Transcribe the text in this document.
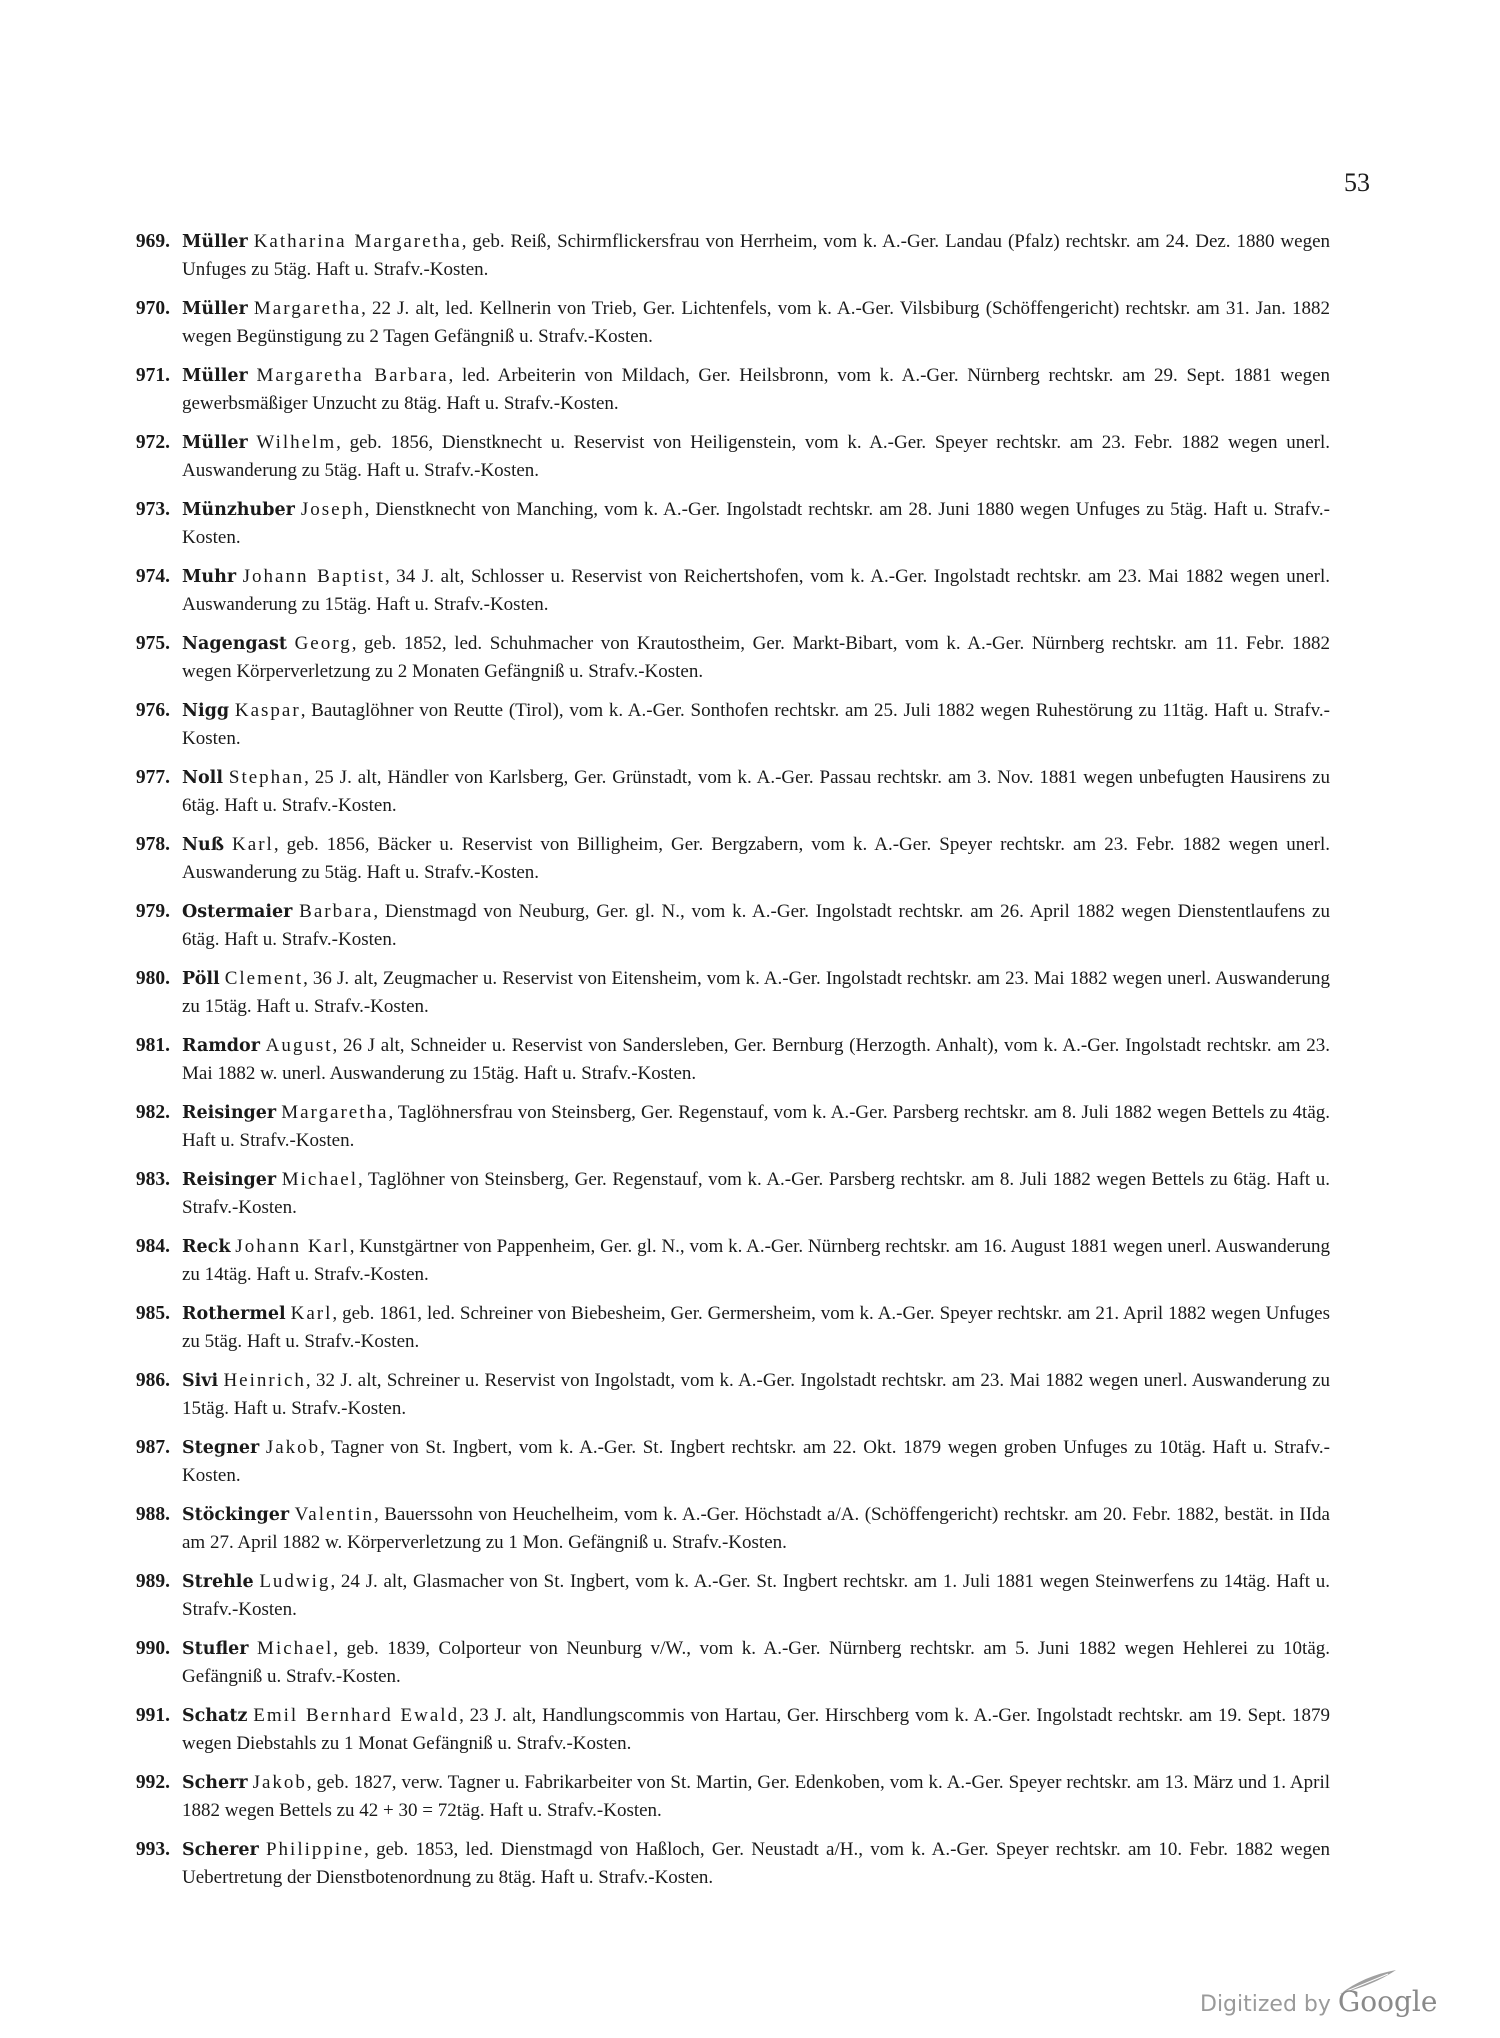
53
969. Müller Katharina Margaretha, geb. Reiß, Schirmflickersfrau von Herrheim, vom k. A.-Ger. Landau (Pfalz) rechtskr. am 24. Dez. 1880 wegen Unfuges zu 5täg. Haft u. Strafv.-Kosten.
970. Müller Margaretha, 22 J. alt, led. Kellnerin von Trieb, Ger. Lichtenfels, vom k. A.-Ger. Vilsbiburg (Schöffengericht) rechtskr. am 31. Jan. 1882 wegen Begünstigung zu 2 Tagen Gefängniß u. Strafv.-Kosten.
971. Müller Margaretha Barbara, led. Arbeiterin von Mildach, Ger. Heilsbronn, vom k. A.-Ger. Nürnberg rechtskr. am 29. Sept. 1881 wegen gewerbsmäßiger Unzucht zu 8täg. Haft u. Strafv.-Kosten.
972. Müller Wilhelm, geb. 1856, Dienstknecht u. Reservist von Heiligenstein, vom k. A.-Ger. Speyer rechtskr. am 23. Febr. 1882 wegen unerl. Auswanderung zu 5täg. Haft u. Strafv.-Kosten.
973. Münzhuber Joseph, Dienstknecht von Manching, vom k. A.-Ger. Ingolstadt rechtskr. am 28. Juni 1880 wegen Unfuges zu 5täg. Haft u. Strafv.-Kosten.
974. Muhr Johann Baptist, 34 J. alt, Schlosser u. Reservist von Reichertshofen, vom k. A.-Ger. Ingolstadt rechtskr. am 23. Mai 1882 wegen unerl. Auswanderung zu 15täg. Haft u. Strafv.-Kosten.
975. Nagengast Georg, geb. 1852, led. Schuhmacher von Krautostheim, Ger. Markt-Bibart, vom k. A.-Ger. Nürnberg rechtskr. am 11. Febr. 1882 wegen Körperverletzung zu 2 Monaten Gefängniß u. Strafv.-Kosten.
976. Nigg Kaspar, Bautaglöhner von Reutte (Tirol), vom k. A.-Ger. Sonthofen rechtskr. am 25. Juli 1882 wegen Ruhestörung zu 11täg. Haft u. Strafv.-Kosten.
977. Noll Stephan, 25 J. alt, Händler von Karlsberg, Ger. Grünstadt, vom k. A.-Ger. Passau rechtskr. am 3. Nov. 1881 wegen unbefugten Hausirens zu 6täg. Haft u. Strafv.-Kosten.
978. Nuß Karl, geb. 1856, Bäcker u. Reservist von Billigheim, Ger. Bergzabern, vom k. A.-Ger. Speyer rechtskr. am 23. Febr. 1882 wegen unerl. Auswanderung zu 5täg. Haft u. Strafv.-Kosten.
979. Ostermaier Barbara, Dienstmagd von Neuburg, Ger. gl. N., vom k. A.-Ger. Ingolstadt rechtskr. am 26. April 1882 wegen Dienstentlaufens zu 6täg. Haft u. Strafv.-Kosten.
980. Pöll Clement, 36 J. alt, Zeugmacher u. Reservist von Eitensheim, vom k. A.-Ger. Ingolstadt rechtskr. am 23. Mai 1882 wegen unerl. Auswanderung zu 15täg. Haft u. Strafv.-Kosten.
981. Ramdor August, 26 J alt, Schneider u. Reservist von Sandersleben, Ger. Bernburg (Herzogth. Anhalt), vom k. A.-Ger. Ingolstadt rechtskr. am 23. Mai 1882 w. unerl. Auswanderung zu 15täg. Haft u. Strafv.-Kosten.
982. Reisinger Margaretha, Taglöhnersfrau von Steinsberg, Ger. Regenstauf, vom k. A.-Ger. Parsberg rechtskr. am 8. Juli 1882 wegen Bettels zu 4täg. Haft u. Strafv.-Kosten.
983. Reisinger Michael, Taglöhner von Steinsberg, Ger. Regenstauf, vom k. A.-Ger. Parsberg rechtskr. am 8. Juli 1882 wegen Bettels zu 6täg. Haft u. Strafv.-Kosten.
984. Reck Johann Karl, Kunstgärtner von Pappenheim, Ger. gl. N., vom k. A.-Ger. Nürnberg rechtskr. am 16. August 1881 wegen unerl. Auswanderung zu 14täg. Haft u. Strafv.-Kosten.
985. Rothermel Karl, geb. 1861, led. Schreiner von Biebesheim, Ger. Germersheim, vom k. A.-Ger. Speyer rechtskr. am 21. April 1882 wegen Unfuges zu 5täg. Haft u. Strafv.-Kosten.
986. Sivi Heinrich, 32 J. alt, Schreiner u. Reservist von Ingolstadt, vom k. A.-Ger. Ingolstadt rechtskr. am 23. Mai 1882 wegen unerl. Auswanderung zu 15täg. Haft u. Strafv.-Kosten.
987. Stegner Jakob, Tagner von St. Ingbert, vom k. A.-Ger. St. Ingbert rechtskr. am 22. Okt. 1879 wegen groben Unfuges zu 10täg. Haft u. Strafv.-Kosten.
988. Stöckinger Valentin, Bauerssohn von Heuchelheim, vom k. A.-Ger. Höchstadt a/A. (Schöffengericht) rechtskr. am 20. Febr. 1882, bestät. in IIda am 27. April 1882 w. Körperverletzung zu 1 Mon. Gefängniß u. Strafv.-Kosten.
989. Strehle Ludwig, 24 J. alt, Glasmacher von St. Ingbert, vom k. A.-Ger. St. Ingbert rechtskr. am 1. Juli 1881 wegen Steinwerfens zu 14täg. Haft u. Strafv.-Kosten.
990. Stufler Michael, geb. 1839, Colporteur von Neunburg v/W., vom k. A.-Ger. Nürnberg rechtskr. am 5. Juni 1882 wegen Hehlerei zu 10täg. Gefängniß u. Strafv.-Kosten.
991. Schatz Emil Bernhard Ewald, 23 J. alt, Handlungscommis von Hartau, Ger. Hirschberg vom k. A.-Ger. Ingolstadt rechtskr. am 19. Sept. 1879 wegen Diebstahls zu 1 Monat Gefängniß u. Strafv.-Kosten.
992. Scherr Jakob, geb. 1827, verw. Tagner u. Fabrikarbeiter von St. Martin, Ger. Edenkoben, vom k. A.-Ger. Speyer rechtskr. am 13. März und 1. April 1882 wegen Bettels zu 42 + 30 = 72täg. Haft u. Strafv.-Kosten.
993. Scherer Philippine, geb. 1853, led. Dienstmagd von Haßloch, Ger. Neustadt a/H., vom k. A.-Ger. Speyer rechtskr. am 10. Febr. 1882 wegen Uebertretung der Dienstbotenordnung zu 8täg. Haft u. Strafv.-Kosten.
Digitized by Google
